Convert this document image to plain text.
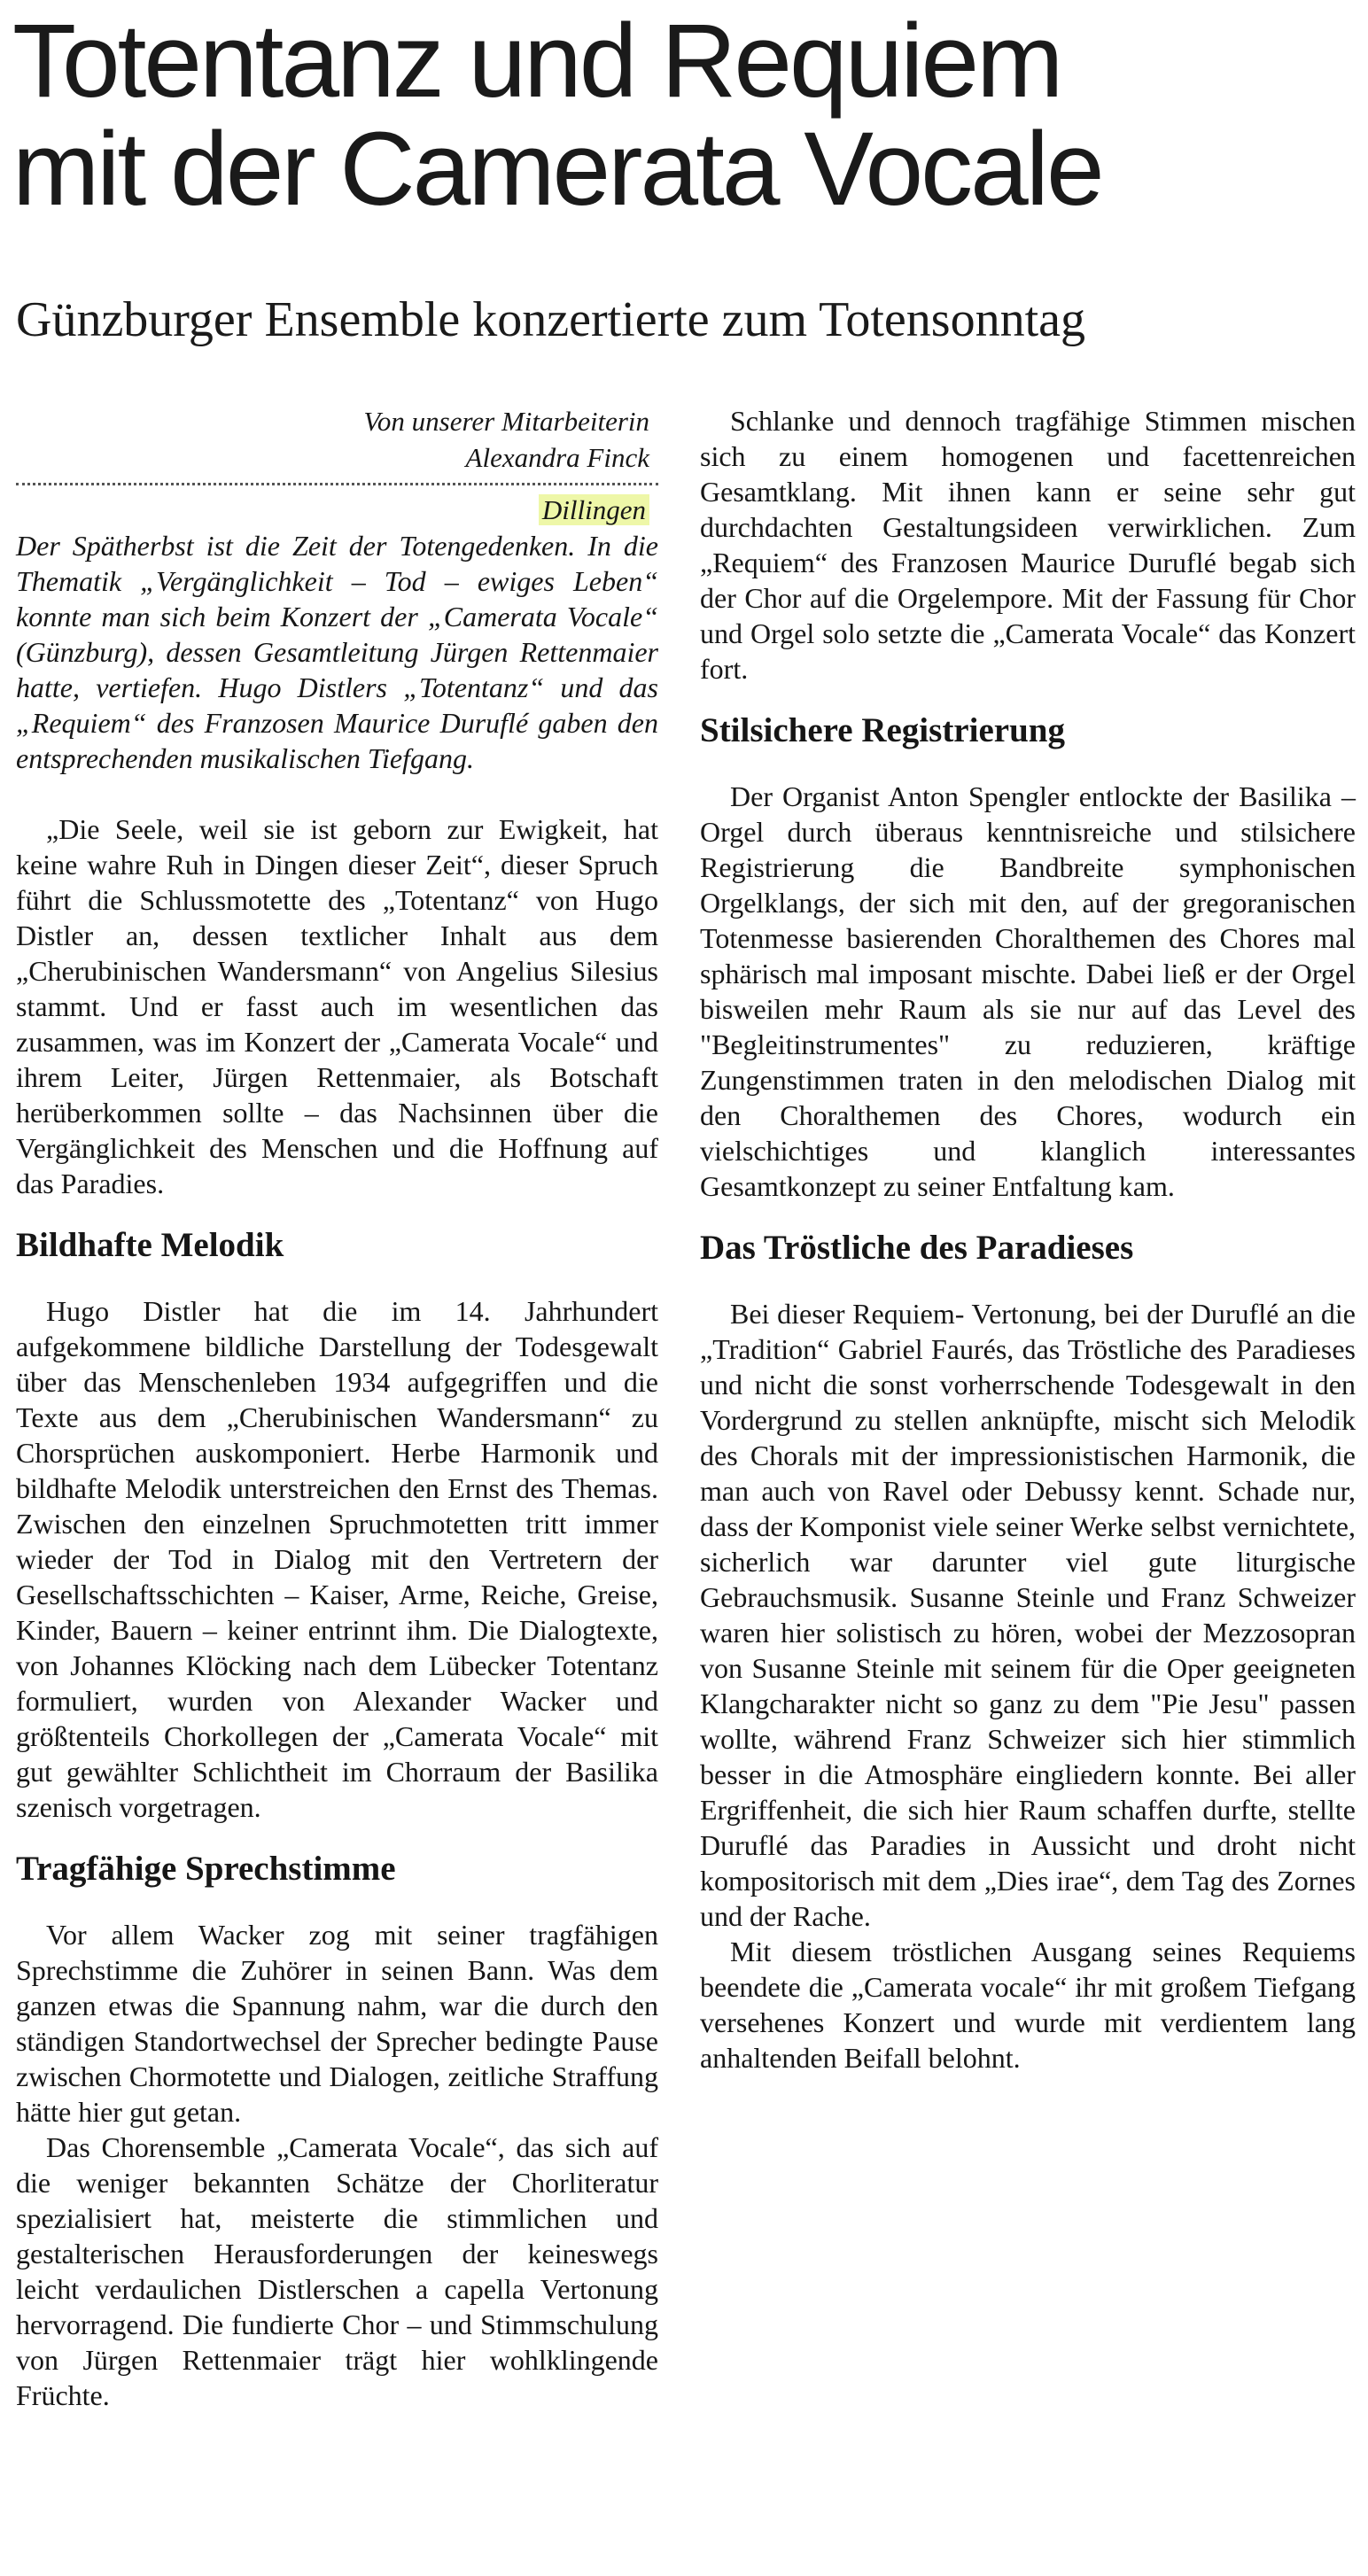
Totentanz und Requiem
mit der Camerata Vocale
Günzburger Ensemble konzertierte zum Totensonntag
Von unserer Mitarbeiterin
Alexandra Finck
Dillingen

Der Spätherbst ist die Zeit der Totengedenken. In die Thematik „Vergänglichkeit – Tod – ewiges Leben“ konnte man sich beim Konzert der „Camerata Vocale“ (Günzburg), dessen Gesamtleitung Jürgen Rettenmaier hatte, vertiefen. Hugo Distlers „Totentanz“ und das „Requiem“ des Franzosen Maurice Duruflé gaben den entsprechenden musikalischen Tiefgang.

„Die Seele, weil sie ist geborn zur Ewigkeit, hat keine wahre Ruh in Dingen dieser Zeit“, dieser Spruch führt die Schlussmotette des „Totentanz“ von Hugo Distler an, dessen textlicher Inhalt aus dem „Cherubinischen Wandersmann“ von Angelius Silesius stammt. Und er fasst auch im wesentlichen das zusammen, was im Konzert der „Camerata Vocale“ und ihrem Leiter, Jürgen Rettenmaier, als Botschaft herüberkommen sollte – das Nachsinnen über die Vergänglichkeit des Menschen und die Hoffnung auf das Paradies.

Bildhafte Melodik

Hugo Distler hat die im 14. Jahrhundert aufgekommene bildliche Darstellung der Todesgewalt über das Menschenleben 1934 aufgegriffen und die Texte aus dem „Cherubinischen Wandersmann“ zu Chorsprüchen auskomponiert. Herbe Harmonik und bildhafte Melodik unterstreichen den Ernst des Themas. Zwischen den einzelnen Spruchmotetten tritt immer wieder der Tod in Dialog mit den Vertretern der Gesellschaftsschichten – Kaiser, Arme, Reiche, Greise, Kinder, Bauern – keiner entrinnt ihm. Die Dialogtexte, von Johannes Klöcking nach dem Lübecker Totentanz formuliert, wurden von Alexander Wacker und größtenteils Chorkollegen der „Camerata Vocale“ mit gut gewählter Schlichtheit im Chorraum der Basilika szenisch vorgetragen.

Tragfähige Sprechstimme

Vor allem Wacker zog mit seiner tragfähigen Sprechstimme die Zuhörer in seinen Bann. Was dem ganzen etwas die Spannung nahm, war die durch den ständigen Standortwechsel der Sprecher bedingte Pause zwischen Chormotette und Dialogen, zeitliche Straffung hätte hier gut getan.

Das Chorensemble „Camerata Vocale“, das sich auf die weniger bekannten Schätze der Chorliteratur spezialisiert hat, meisterte die stimmlichen und gestalterischen Herausforderungen der keineswegs leicht verdaulichen Distlerschen a capella Vertonung hervorragend. Die fundierte Chor – und Stimmschulung von Jürgen Rettenmaier trägt hier wohlklingende Früchte.

Schlanke und dennoch tragfähige Stimmen mischen sich zu einem homogenen und facettenreichen Gesamtklang. Mit ihnen kann er seine sehr gut durchdachten Gestaltungsideen verwirklichen. Zum „Requiem“ des Franzosen Maurice Duruflé begab sich der Chor auf die Orgelempore. Mit der Fassung für Chor und Orgel solo setzte die „Camerata Vocale“ das Konzert fort.

Stilsichere Registrierung

Der Organist Anton Spengler entlockte der Basilika – Orgel durch überaus kenntnisreiche und stilsichere Registrierung die Bandbreite symphonischen Orgelklangs, der sich mit den, auf der gregoranischen Totenmesse basierenden Choralthemen des Chores mal sphärisch mal imposant mischte. Dabei ließ er der Orgel bisweilen mehr Raum als sie nur auf das Level des "Begleitinstrumentes" zu reduzieren, kräftige Zungenstimmen traten in den melodischen Dialog mit den Choralthemen des Chores, wodurch ein vielschichtiges und klanglich interessantes Gesamtkonzept zu seiner Entfaltung kam.

Das Tröstliche des Paradieses

Bei dieser Requiem- Vertonung, bei der Duruflé an die „Tradition“ Gabriel Faurés, das Tröstliche des Paradieses und nicht die sonst vorherrschende Todesgewalt in den Vordergrund zu stellen anknüpfte, mischt sich Melodik des Chorals mit der impressionistischen Harmonik, die man auch von Ravel oder Debussy kennt. Schade nur, dass der Komponist viele seiner Werke selbst vernichtete, sicherlich war darunter viel gute liturgische Gebrauchsmusik. Susanne Steinle und Franz Schweizer waren hier solistisch zu hören, wobei der Mezzosopran von Susanne Steinle mit seinem für die Oper geeigneten Klangcharakter nicht so ganz zu dem "Pie Jesu" passen wollte, während Franz Schweizer sich hier stimmlich besser in die Atmosphäre eingliedern konnte. Bei aller Ergriffenheit, die sich hier Raum schaffen durfte, stellte Duruflé das Paradies in Aussicht und droht nicht kompositorisch mit dem „Dies irae“, dem Tag des Zornes und der Rache.

Mit diesem tröstlichen Ausgang seines Requiems beendete die „Camerata vocale“ ihr mit großem Tiefgang versehenes Konzert und wurde mit verdientem lang anhaltenden Beifall belohnt.
